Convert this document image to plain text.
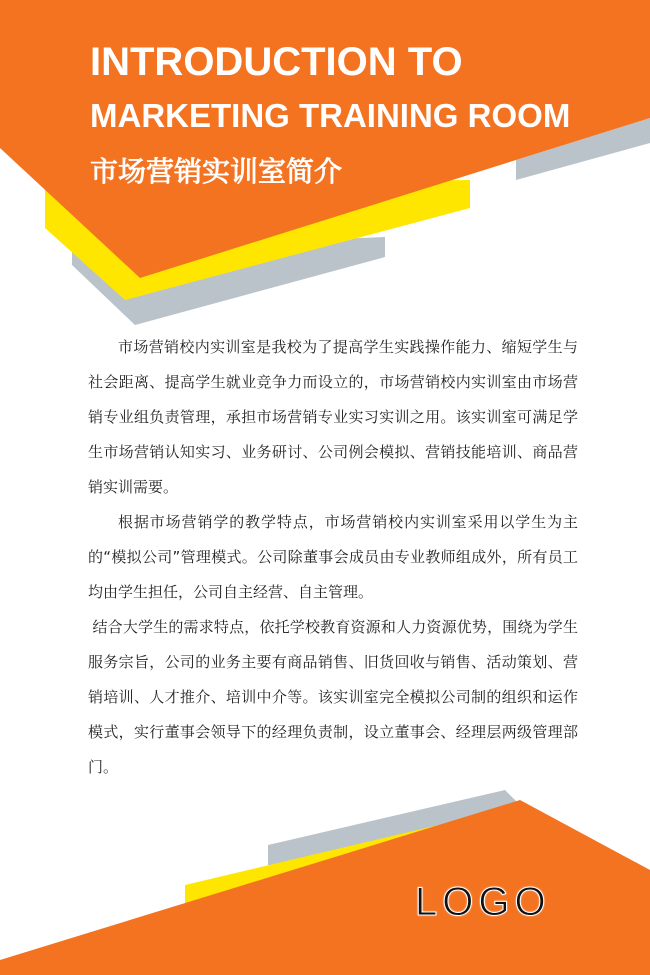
INTRODUCTION TO
MARKETING TRAINING ROOM
市场营销实训室简介

市场营销校内实训室是我校为了提高学生实践操作能力、缩短学生与社会距离、提高学生就业竞争力而设立的，市场营销校内实训室由市场营销专业组负责管理，承担市场营销专业实习实训之用。该实训室可满足学生市场营销认知实习、业务研讨、公司例会模拟、营销技能培训、商品营销实训需要。

根据市场营销学的教学特点，市场营销校内实训室采用以学生为主的“模拟公司”管理模式。公司除董事会成员由专业教师组成外，所有员工均由学生担任，公司自主经营、自主管理。

结合大学生的需求特点，依托学校教育资源和人力资源优势，围绕为学生服务宗旨，公司的业务主要有商品销售、旧货回收与销售、活动策划、营销培训、人才推介、培训中介等。该实训室完全模拟公司制的组织和运作模式，实行董事会领导下的经理负责制，设立董事会、经理层两级管理部门。

LOGO
